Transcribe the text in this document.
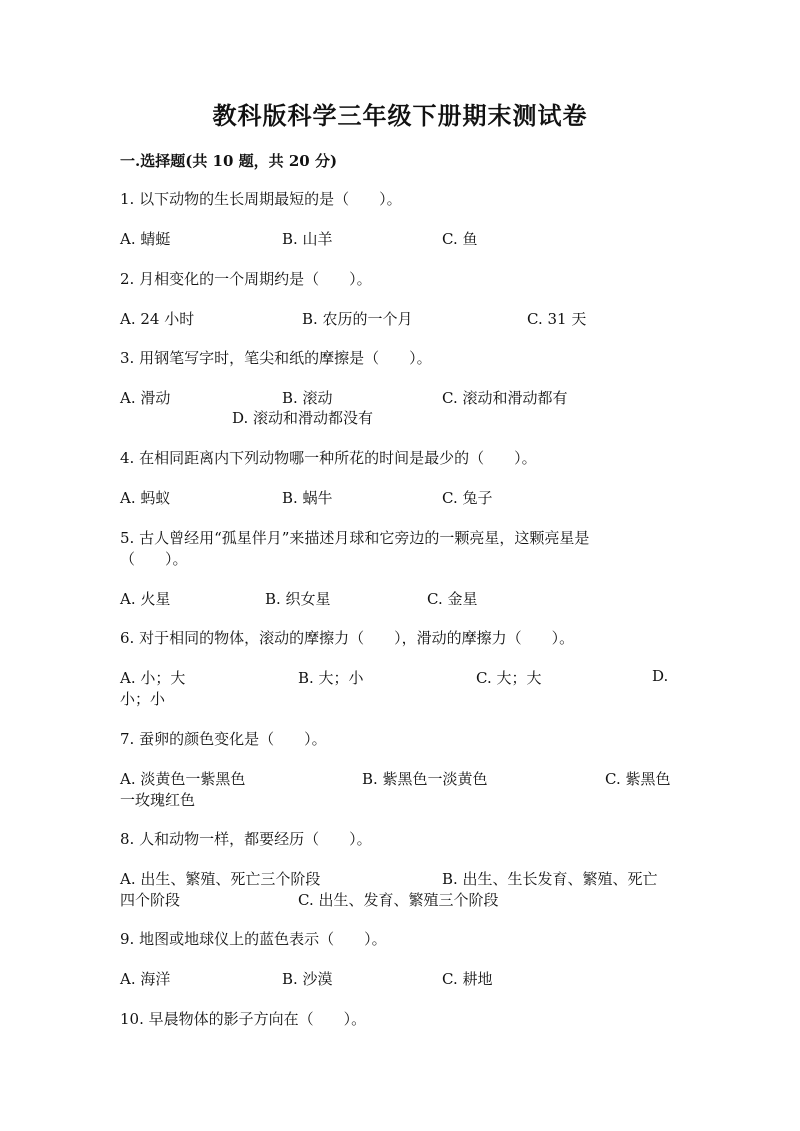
教科版科学三年级下册期末测试卷
一.选择题(共 10 题，共 20 分)
1. 以下动物的生长周期最短的是（　　）。
A. 蜻蜓	B. 山羊	C. 鱼
2. 月相变化的一个周期约是（　　）。
A. 24 小时	B. 农历的一个月	C. 31 天
3. 用钢笔写字时，笔尖和纸的摩擦是（　　）。
A. 滑动	B. 滚动	C. 滚动和滑动都有
D. 滚动和滑动都没有
4. 在相同距离内下列动物哪一种所花的时间是最少的（　　）。
A. 蚂蚁	B. 蜗牛	C. 兔子
5. 古人曾经用“孤星伴月”来描述月球和它旁边的一颗亮星，这颗亮星是
（　　）。
A. 火星	B. 织女星	C. 金星
6. 对于相同的物体，滚动的摩擦力（　　），滑动的摩擦力（　　）。
A. 小；大	B. 大；小	C. 大；大	D.
小；小
7. 蚕卵的颜色变化是（　　）。
A. 淡黄色一紫黑色	B. 紫黑色一淡黄色	C. 紫黑色
一玫瑰红色
8. 人和动物一样，都要经历（　　）。
A. 出生、繁殖、死亡三个阶段	B. 出生、生长发育、繁殖、死亡
四个阶段	C. 出生、发育、繁殖三个阶段
9. 地图或地球仪上的蓝色表示（　　）。
A. 海洋	B. 沙漠	C. 耕地
10. 早晨物体的影子方向在（　　）。
